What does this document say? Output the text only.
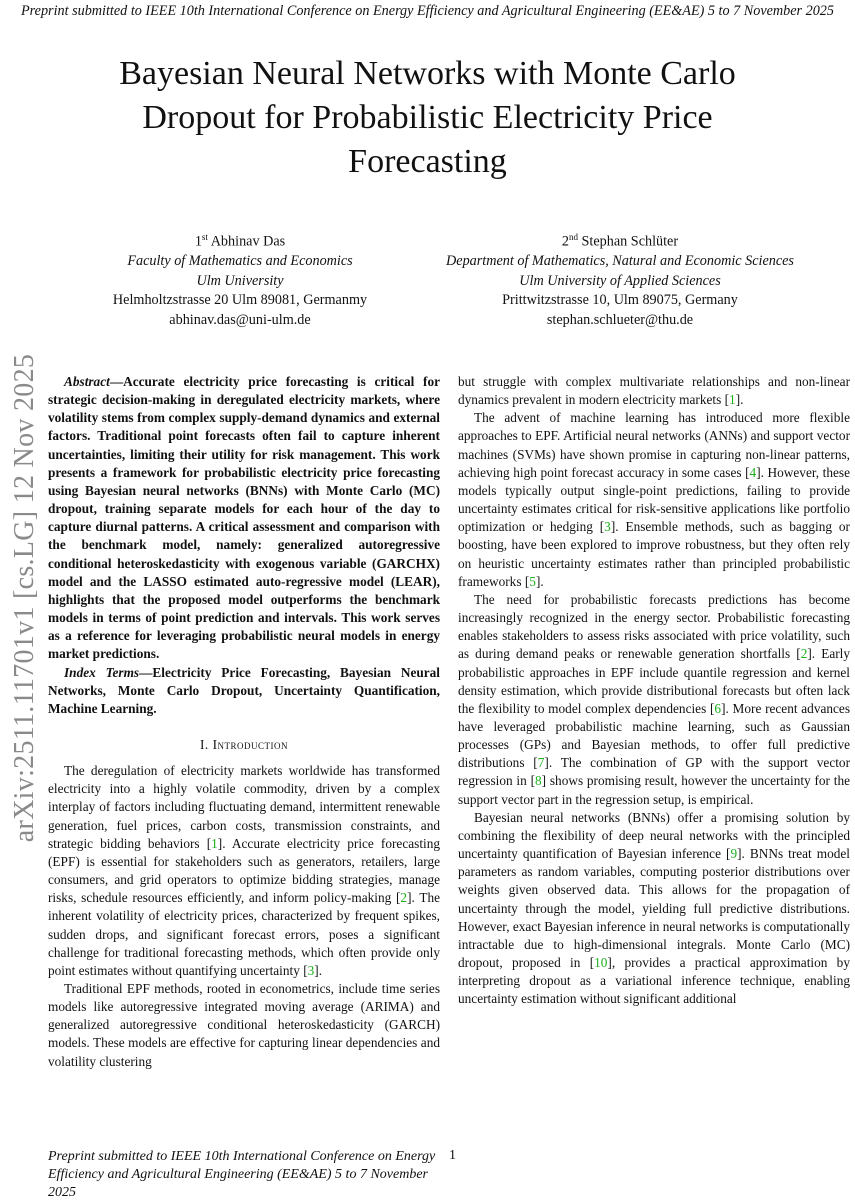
Preprint submitted to IEEE 10th International Conference on Energy Efficiency and Agricultural Engineering (EE&AE) 5 to 7 November 2025
Bayesian Neural Networks with Monte Carlo Dropout for Probabilistic Electricity Price Forecasting
1st Abhinav Das
Faculty of Mathematics and Economics
Ulm University
Helmholtzstrasse 20 Ulm 89081, Germanmy
abhinav.das@uni-ulm.de
2nd Stephan Schlüter
Department of Mathematics, Natural and Economic Sciences
Ulm University of Applied Sciences
Prittwitzstrasse 10, Ulm 89075, Germany
stephan.schlueter@thu.de
arXiv:2511.11701v1 [cs.LG] 12 Nov 2025	Abstract—Accurate electricity price forecasting is critical for strategic decision-making in deregulated electricity markets, where volatility stems from complex supply-demand dynamics and external factors. Traditional point forecasts often fail to capture inherent uncertainties, limiting their utility for risk management. This work presents a framework for probabilistic electricity price forecasting using Bayesian neural networks (BNNs) with Monte Carlo (MC) dropout, training separate models for each hour of the day to capture diurnal patterns. A critical assessment and comparison with the benchmark model, namely: generalized autoregressive conditional heteroskedasticity with exogenous variable (GARCHX) model and the LASSO estimated auto-regressive model (LEAR), highlights that the proposed model outperforms the benchmark models in terms of point prediction and intervals. This work serves as a reference for leveraging probabilistic neural models in energy market predictions.

Index Terms—Electricity Price Forecasting, Bayesian Neural Networks, Monte Carlo Dropout, Uncertainty Quantification, Machine Learning.

I. Introduction

The deregulation of electricity markets worldwide has transformed electricity into a highly volatile commodity, driven by a complex interplay of factors including fluctuating demand, intermittent renewable generation, fuel prices, carbon costs, transmission constraints, and strategic bidding behaviors [1]. Accurate electricity price forecasting (EPF) is essential for stakeholders such as generators, retailers, large consumers, and grid operators to optimize bidding strategies, manage risks, schedule resources efficiently, and inform policy-making [2]. The inherent volatility of electricity prices, characterized by frequent spikes, sudden drops, and significant forecast errors, poses a significant challenge for traditional forecasting methods, which often provide only point estimates without quantifying uncertainty [3].

Traditional EPF methods, rooted in econometrics, include time series models like autoregressive integrated moving average (ARIMA) and generalized autoregressive conditional heteroskedasticity (GARCH) models. These models are effective for capturing linear dependencies and volatility clustering

but struggle with complex multivariate relationships and non-linear dynamics prevalent in modern electricity markets [1].

The advent of machine learning has introduced more flexible approaches to EPF. Artificial neural networks (ANNs) and support vector machines (SVMs) have shown promise in capturing non-linear patterns, achieving high point forecast accuracy in some cases [4]. However, these models typically output single-point predictions, failing to provide uncertainty estimates critical for risk-sensitive applications like portfolio optimization or hedging [3]. Ensemble methods, such as bagging or boosting, have been explored to improve robustness, but they often rely on heuristic uncertainty estimates rather than principled probabilistic frameworks [5].

The need for probabilistic forecasts predictions has become increasingly recognized in the energy sector. Probabilistic forecasting enables stakeholders to assess risks associated with price volatility, such as during demand peaks or renewable generation shortfalls [2]. Early probabilistic approaches in EPF include quantile regression and kernel density estimation, which provide distributional forecasts but often lack the flexibility to model complex dependencies [6]. More recent advances have leveraged probabilistic machine learning, such as Gaussian processes (GPs) and Bayesian methods, to offer full predictive distributions [7]. The combination of GP with the support vector regression in [8] shows promising result, however the uncertainty for the support vector part in the regression setup, is empirical.

Bayesian neural networks (BNNs) offer a promising solution by combining the flexibility of deep neural networks with the principled uncertainty quantification of Bayesian inference [9]. BNNs treat model parameters as random variables, computing posterior distributions over weights given observed data. This allows for the propagation of uncertainty through the model, yielding full predictive distributions. However, exact Bayesian inference in neural networks is computationally intractable due to high-dimensional integrals. Monte Carlo (MC) dropout, proposed in [10], provides a practical approximation by interpreting dropout as a variational inference technique, enabling uncertainty estimation without significant additional

Preprint submitted to IEEE 10th International Conference on Energy Efficiency and Agricultural Engineering (EE&AE) 5 to 7 November 2025
1
